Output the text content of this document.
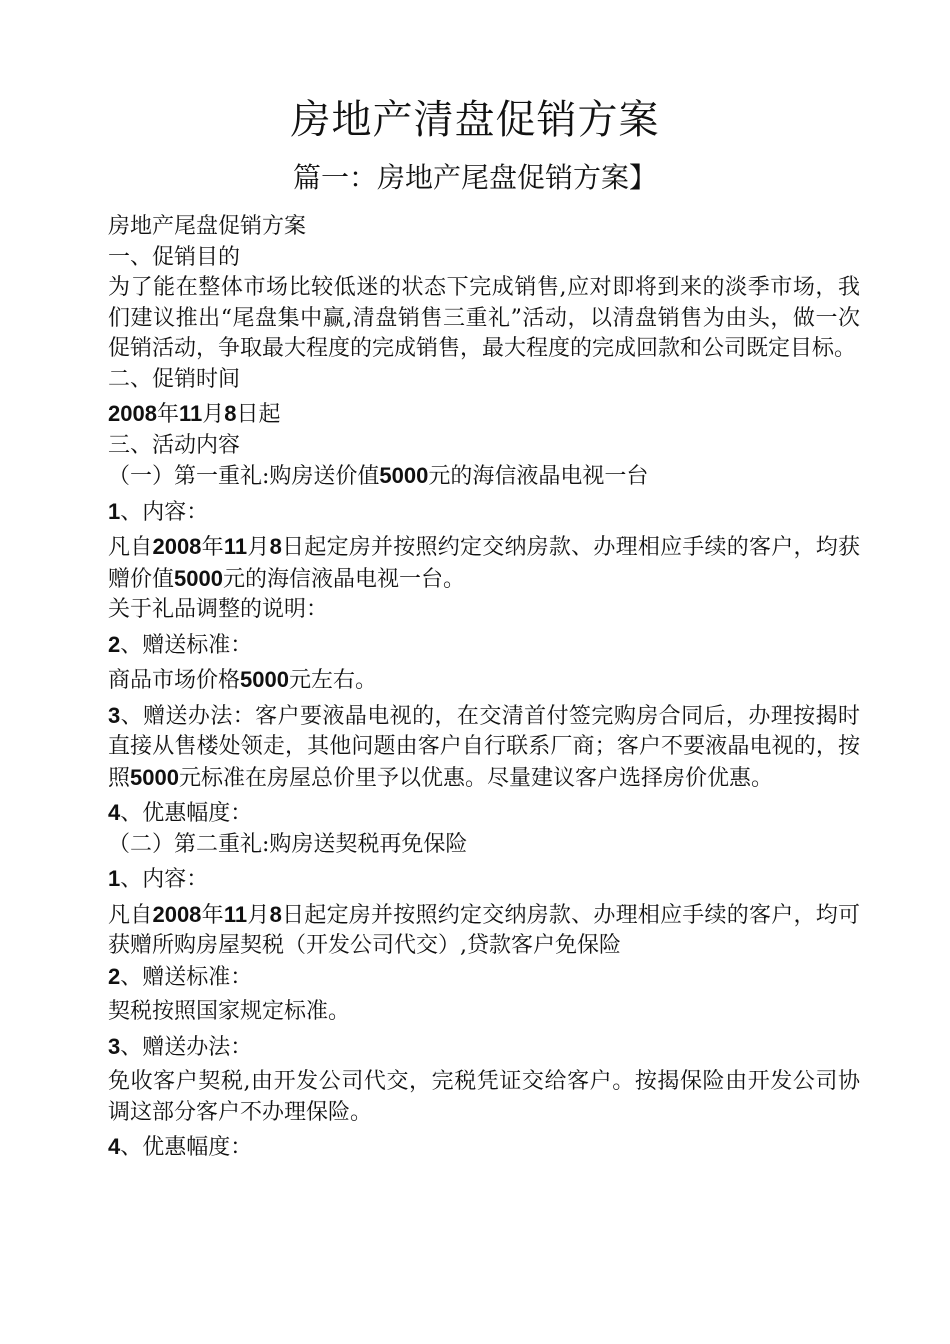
房地产清盘促销方案
篇一：房地产尾盘促销方案】

房地产尾盘促销方案

一、促销目的

为了能在整体市场比较低迷的状态下完成销售,应对即将到来的淡季市场，我们建议推出“尾盘集中赢,清盘销售三重礼”活动，以清盘销售为由头，做一次促销活动，争取最大程度的完成销售，最大程度的完成回款和公司既定目标。

二、促销时间

2008年11月8日起

三、活动内容

（一）第一重礼:购房送价值5000元的海信液晶电视一台

1、内容：

凡自2008年11月8日起定房并按照约定交纳房款、办理相应手续的客户，均获赠价值5000元的海信液晶电视一台。

关于礼品调整的说明：

2、赠送标准：

商品市场价格5000元左右。

3、赠送办法：客户要液晶电视的，在交清首付签完购房合同后，办理按揭时直接从售楼处领走，其他问题由客户自行联系厂商；客户不要液晶电视的，按照5000元标准在房屋总价里予以优惠。尽量建议客户选择房价优惠。

4、优惠幅度：

（二）第二重礼:购房送契税再免保险

1、内容：

凡自2008年11月8日起定房并按照约定交纳房款、办理相应手续的客户，均可获赠所购房屋契税（开发公司代交）,贷款客户免保险

2、赠送标准：

契税按照国家规定标准。

3、赠送办法：

免收客户契税,由开发公司代交，完税凭证交给客户。按揭保险由开发公司协调这部分客户不办理保险。

4、优惠幅度：
